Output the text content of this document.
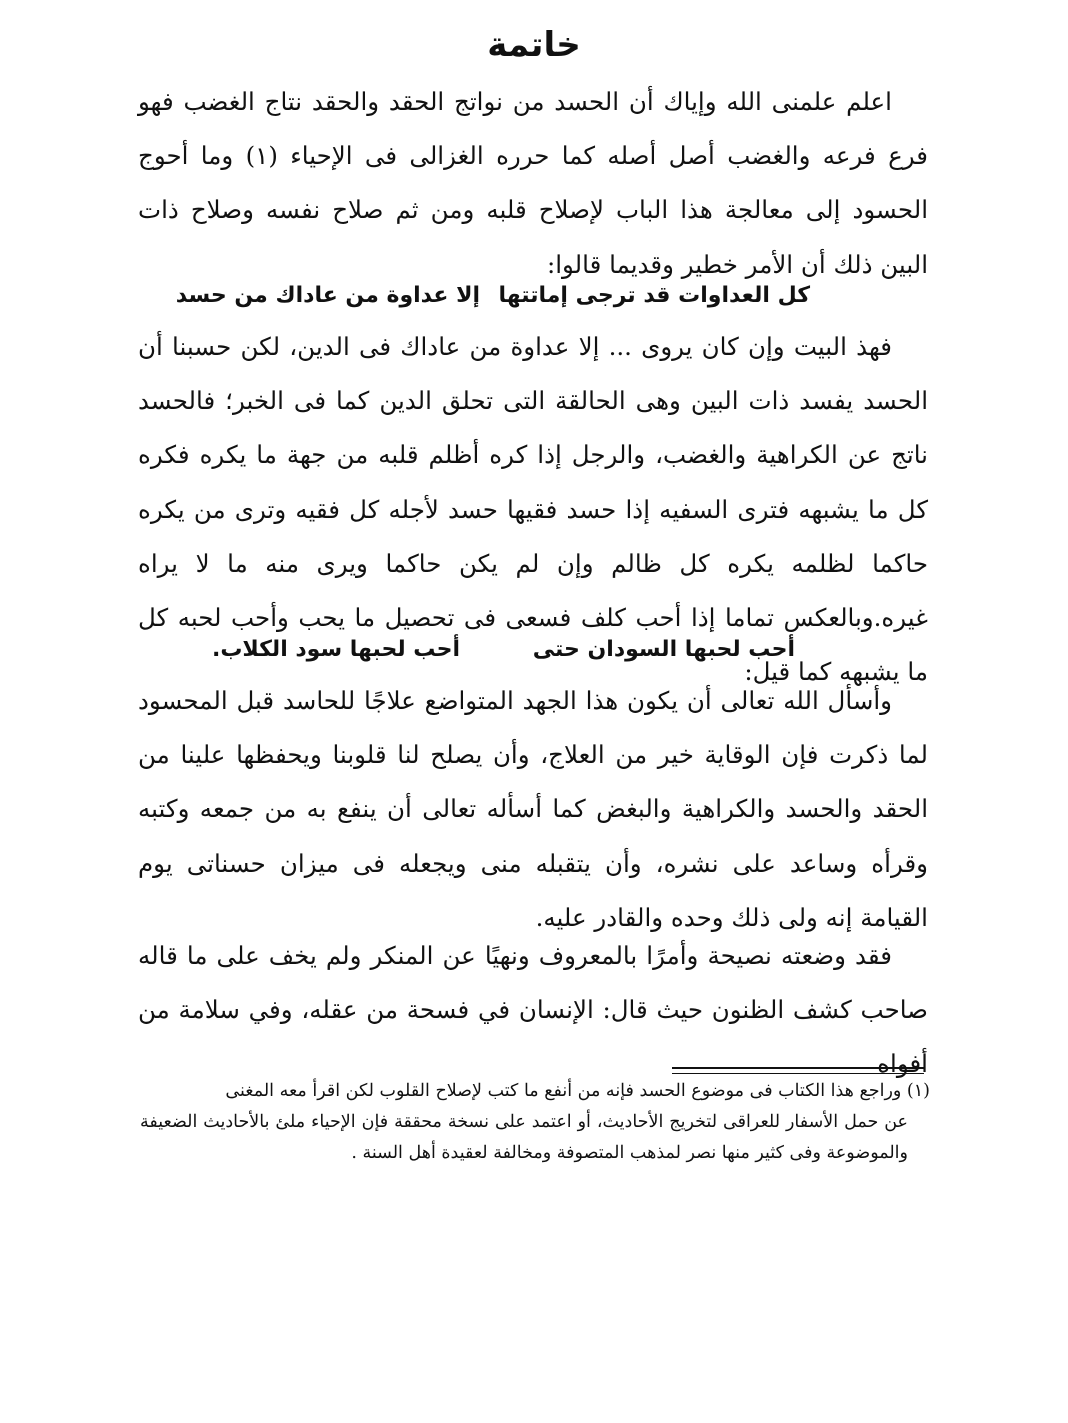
خاتمة

اعلم علمنى الله وإياك أن الحسد من نواتج الحقد والحقد نتاج الغضب فهو فرع فرعه والغضب أصل أصله كما حرره الغزالى فى الإحياء (١) وما أحوج الحسود إلى معالجة هذا الباب لإصلاح قلبه ومن ثم صلاح نفسه وصلاح ذات البين ذلك أن الأمر خطير وقديما قالوا:

كل العداوات قد ترجى إماتتها
إلا عداوة من عاداك من حسد

فهذ البيت وإن كان يروى ... إلا عداوة من عاداك فى الدين، لكن حسبنا أن الحسد يفسد ذات البين وهى الحالقة التى تحلق الدين كما فى الخبر؛ فالحسد ناتج عن الكراهية والغضب، والرجل إذا كره أظلم قلبه من جهة ما يكره فكره كل ما يشبهه فترى السفيه إذا حسد فقيها حسد لأجله كل فقيه وترى من يكره حاكما لظلمه يكره كل ظالم وإن لم يكن حاكما ويرى منه ما لا يراه غيره.وبالعكس تماما إذا أحب كلف فسعى فى تحصيل ما يحب وأحب لحبه كل ما يشبهه كما قيل:

أحب لحبها السودان حتى
أحب لحبها سود الكلاب.

وأسأل الله تعالى أن يكون هذا الجهد المتواضع علاجًا للحاسد قبل المحسود لما ذكرت فإن الوقاية خير من العلاج، وأن يصلح لنا قلوبنا ويحفظها علينا من الحقد والحسد والكراهية والبغض كما أسأله تعالى أن ينفع به من جمعه وكتبه وقرأه وساعد على نشره، وأن يتقبله منى ويجعله فى ميزان حسناتى يوم القيامة إنه ولى ذلك وحده والقادر عليه.

فقد وضعته نصيحة وأمرًا بالمعروف ونهيًا عن المنكر ولم يخف على ما قاله صاحب كشف الظنون حيث قال: الإنسان في فسحة من عقله، وفي سلامة من أفواه

(١) وراجع هذا الكتاب فى موضوع الحسد فإنه من أنفع ما كتب لإصلاح القلوب لكن اقرأ معه المغنى
عن حمل الأسفار للعراقى لتخريج الأحاديث، أو اعتمد على نسخة محققة فإن الإحياء ملئ بالأحاديث الضعيفة والموضوعة وفى كثير منها نصر لمذهب المتصوفة ومخالفة لعقيدة أهل السنة .
